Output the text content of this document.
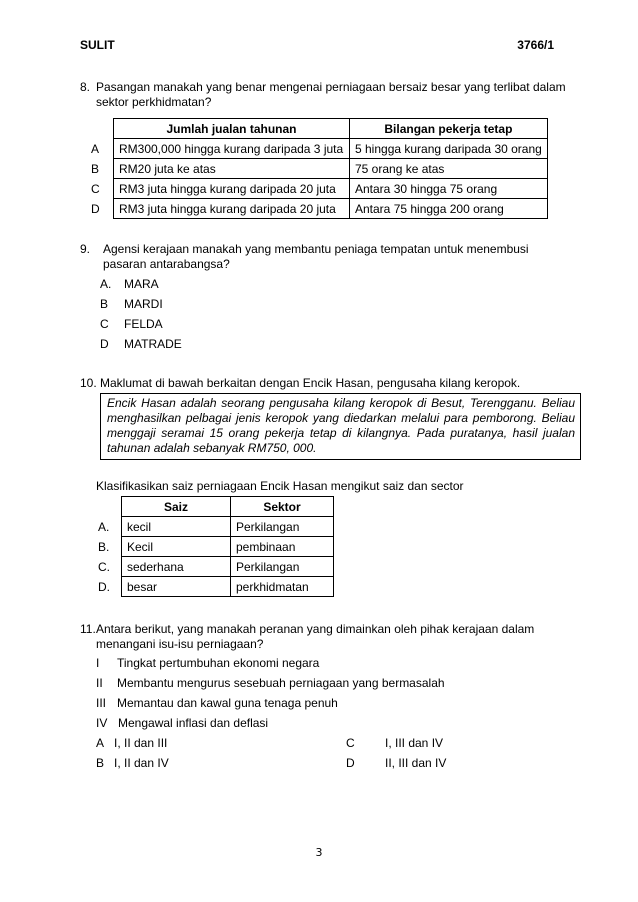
SULIT	3766/1
8. Pasangan manakah yang benar mengenai perniagaan bersaiz besar yang terlibat dalam sektor perkhidmatan?
	Jumlah jualan tahunan	Bilangan pekerja tetap
A	RM300,000 hingga kurang daripada 3 juta	5 hingga kurang daripada 30 orang
B	RM20 juta ke atas	75 orang ke atas
C	RM3 juta hingga kurang daripada 20 juta	Antara 30 hingga 75 orang
D	RM3 juta hingga kurang daripada 20 juta	Antara 75 hingga 200 orang
9. Agensi kerajaan manakah yang membantu peniaga tempatan untuk menembusi pasaran antarabangsa?
A. MARA
B MARDI
C FELDA
D MATRADE
10. Maklumat di bawah berkaitan dengan Encik Hasan, pengusaha kilang keropok.
Encik Hasan adalah seorang pengusaha kilang keropok di Besut, Terengganu. Beliau menghasilkan pelbagai jenis keropok yang diedarkan melalui para pemborong. Beliau menggaji seramai 15 orang pekerja tetap di kilangnya. Pada puratanya, hasil jualan tahunan adalah sebanyak RM750, 000.
Klasifikasikan saiz perniagaan Encik Hasan mengikut saiz dan sector
	Saiz	Sektor
A.	kecil	Perkilangan
B.	Kecil	pembinaan
C.	sederhana	Perkilangan
D.	besar	perkhidmatan
11. Antara berikut, yang manakah peranan yang dimainkan oleh pihak kerajaan dalam menangani isu-isu perniagaan?
I Tingkat pertumbuhan ekonomi negara
II Membantu mengurus sesebuah perniagaan yang bermasalah
III Memantau dan kawal guna tenaga penuh
IV Mengawal inflasi dan deflasi
A I, II dan III	C	I, III dan IV
B I, II dan IV	D	II, III dan IV
3
